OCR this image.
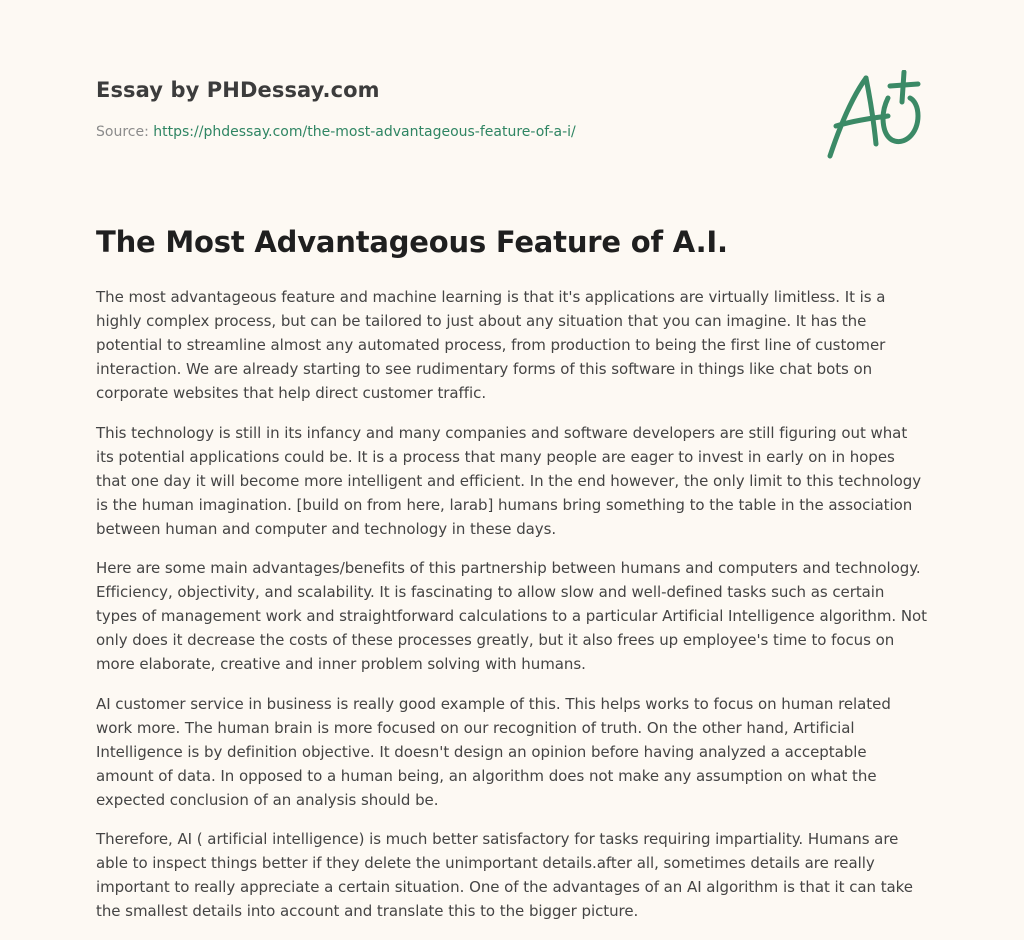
Essay by PHDessay.com
Source: https://phdessay.com/the-most-advantageous-feature-of-a-i/
The Most Advantageous Feature of A.I.

The most advantageous feature and machine learning is that it's applications are virtually limitless. It is a highly complex process, but can be tailored to just about any situation that you can imagine. It has the potential to streamline almost any automated process, from production to being the first line of customer interaction. We are already starting to see rudimentary forms of this software in things like chat bots on corporate websites that help direct customer traffic.

This technology is still in its infancy and many companies and software developers are still figuring out what its potential applications could be. It is a process that many people are eager to invest in early on in hopes that one day it will become more intelligent and efficient. In the end however, the only limit to this technology is the human imagination. [build on from here, larab] humans bring something to the table in the association between human and computer and technology in these days.

Here are some main advantages/benefits of this partnership between humans and computers and technology. Efficiency, objectivity, and scalability. It is fascinating to allow slow and well-defined tasks such as certain types of management work and straightforward calculations to a particular Artificial Intelligence algorithm. Not only does it decrease the costs of these processes greatly, but it also frees up employee's time to focus on more elaborate, creative and inner problem solving with humans.

AI customer service in business is really good example of this. This helps works to focus on human related work more. The human brain is more focused on our recognition of truth. On the other hand, Artificial Intelligence is by definition objective. It doesn't design an opinion before having analyzed a acceptable amount of data. In opposed to a human being, an algorithm does not make any assumption on what the expected conclusion of an analysis should be.

Therefore, AI ( artificial intelligence) is much better satisfactory for tasks requiring impartiality. Humans are able to inspect things better if they delete the unimportant details.after all, sometimes details are really important to really appreciate a certain situation. One of the advantages of an AI algorithm is that it can take the smallest details into account and translate this to the bigger picture.
